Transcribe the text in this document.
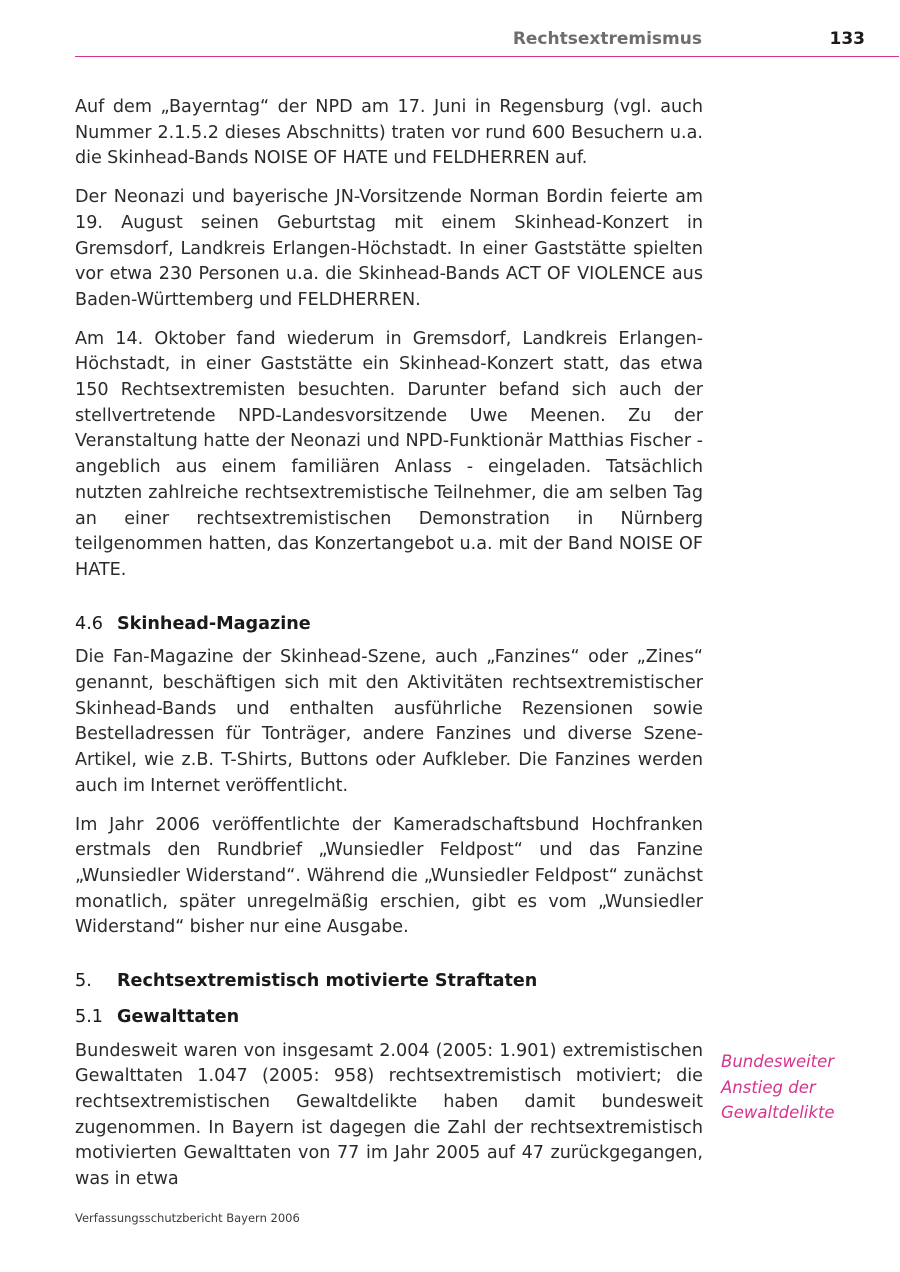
Rechtsextremismus	133

Auf dem „Bayerntag“ der NPD am 17. Juni in Regensburg (vgl. auch Nummer 2.1.5.2 dieses Abschnitts) traten vor rund 600 Besuchern u.a. die Skinhead-Bands NOISE OF HATE und FELDHERREN auf.

Der Neonazi und bayerische JN-Vorsitzende Norman Bordin feierte am 19. August seinen Geburtstag mit einem Skinhead-Konzert in Gremsdorf, Landkreis Erlangen-Höchstadt. In einer Gaststätte spielten vor etwa 230 Personen u.a. die Skinhead-Bands ACT OF VIOLENCE aus Baden-Württemberg und FELDHERREN.

Am 14. Oktober fand wiederum in Gremsdorf, Landkreis Erlangen-Höchstadt, in einer Gaststätte ein Skinhead-Konzert statt, das etwa 150 Rechtsextremisten besuchten. Darunter befand sich auch der stellvertretende NPD-Landesvorsitzende Uwe Meenen. Zu der Veranstaltung hatte der Neonazi und NPD-Funktionär Matthias Fischer - angeblich aus einem familiären Anlass - eingeladen. Tatsächlich nutzten zahlreiche rechtsextremistische Teilnehmer, die am selben Tag an einer rechtsextremistischen Demonstration in Nürnberg teilgenommen hatten, das Konzertangebot u.a. mit der Band NOISE OF HATE.

4.6 Skinhead-Magazine

Die Fan-Magazine der Skinhead-Szene, auch „Fanzines“ oder „Zines“ genannt, beschäftigen sich mit den Aktivitäten rechtsextremistischer Skinhead-Bands und enthalten ausführliche Rezensionen sowie Bestelladressen für Tonträger, andere Fanzines und diverse Szene-Artikel, wie z.B. T-Shirts, Buttons oder Aufkleber. Die Fanzines werden auch im Internet veröffentlicht.

Im Jahr 2006 veröffentlichte der Kameradschaftsbund Hochfranken erstmals den Rundbrief „Wunsiedler Feldpost“ und das Fanzine „Wunsiedler Widerstand“. Während die „Wunsiedler Feldpost“ zunächst monatlich, später unregelmäßig erschien, gibt es vom „Wunsiedler Widerstand“ bisher nur eine Ausgabe.

5. Rechtsextremistisch motivierte Straftaten
5.1 Gewalttaten

Bundesweit waren von insgesamt 2.004 (2005: 1.901) extremistischen Gewalttaten 1.047 (2005: 958) rechtsextremistisch motiviert; die rechtsextremistischen Gewaltdelikte haben damit bundesweit zugenommen. In Bayern ist dagegen die Zahl der rechtsextremistisch motivierten Gewalttaten von 77 im Jahr 2005 auf 47 zurückgegangen, was in etwa

Bundesweiter
Anstieg der
Gewaltdelikte
Verfassungsschutzbericht Bayern 2006
